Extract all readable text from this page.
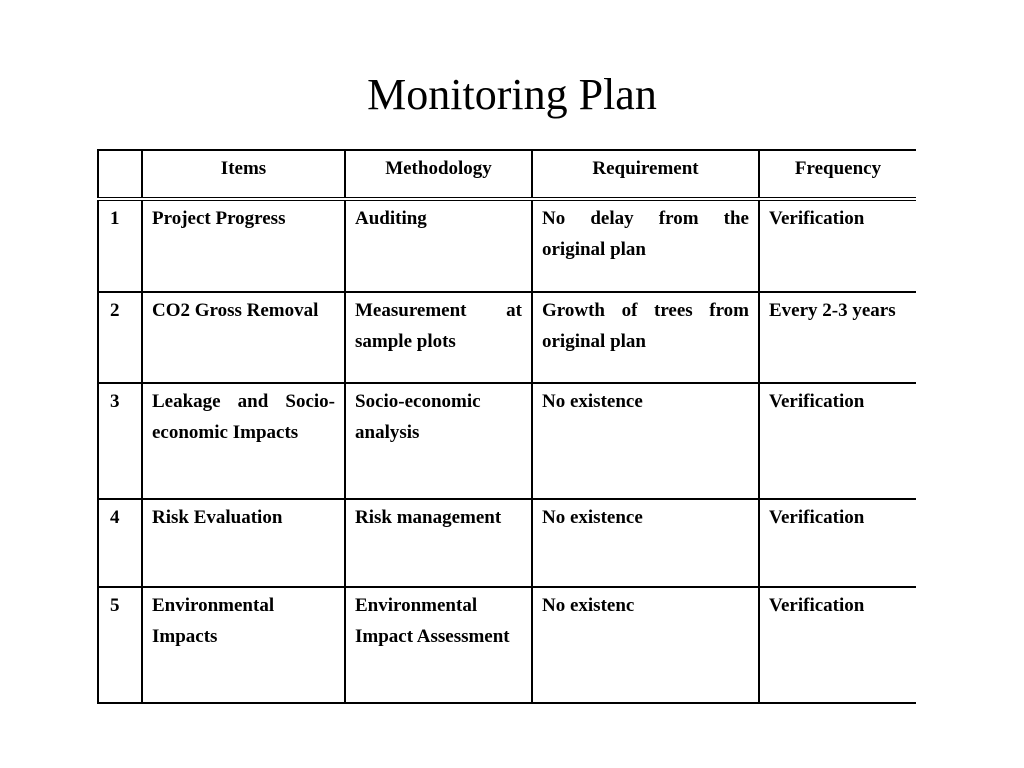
Monitoring Plan
	Items	Methodology	Requirement	Frequency
1	Project Progress	Auditing	No delay from the original plan	Verification
2	CO2 Gross Removal	Measurement at sample plots	Growth of trees from original plan	Every 2-3 years
3	Leakage and Socio-economic Impacts	Socio-economic analysis	No existence	Verification
4	Risk Evaluation	Risk management	No existence	Verification
5	Environmental Impacts	Environmental Impact Assessment	No existenc	Verification
